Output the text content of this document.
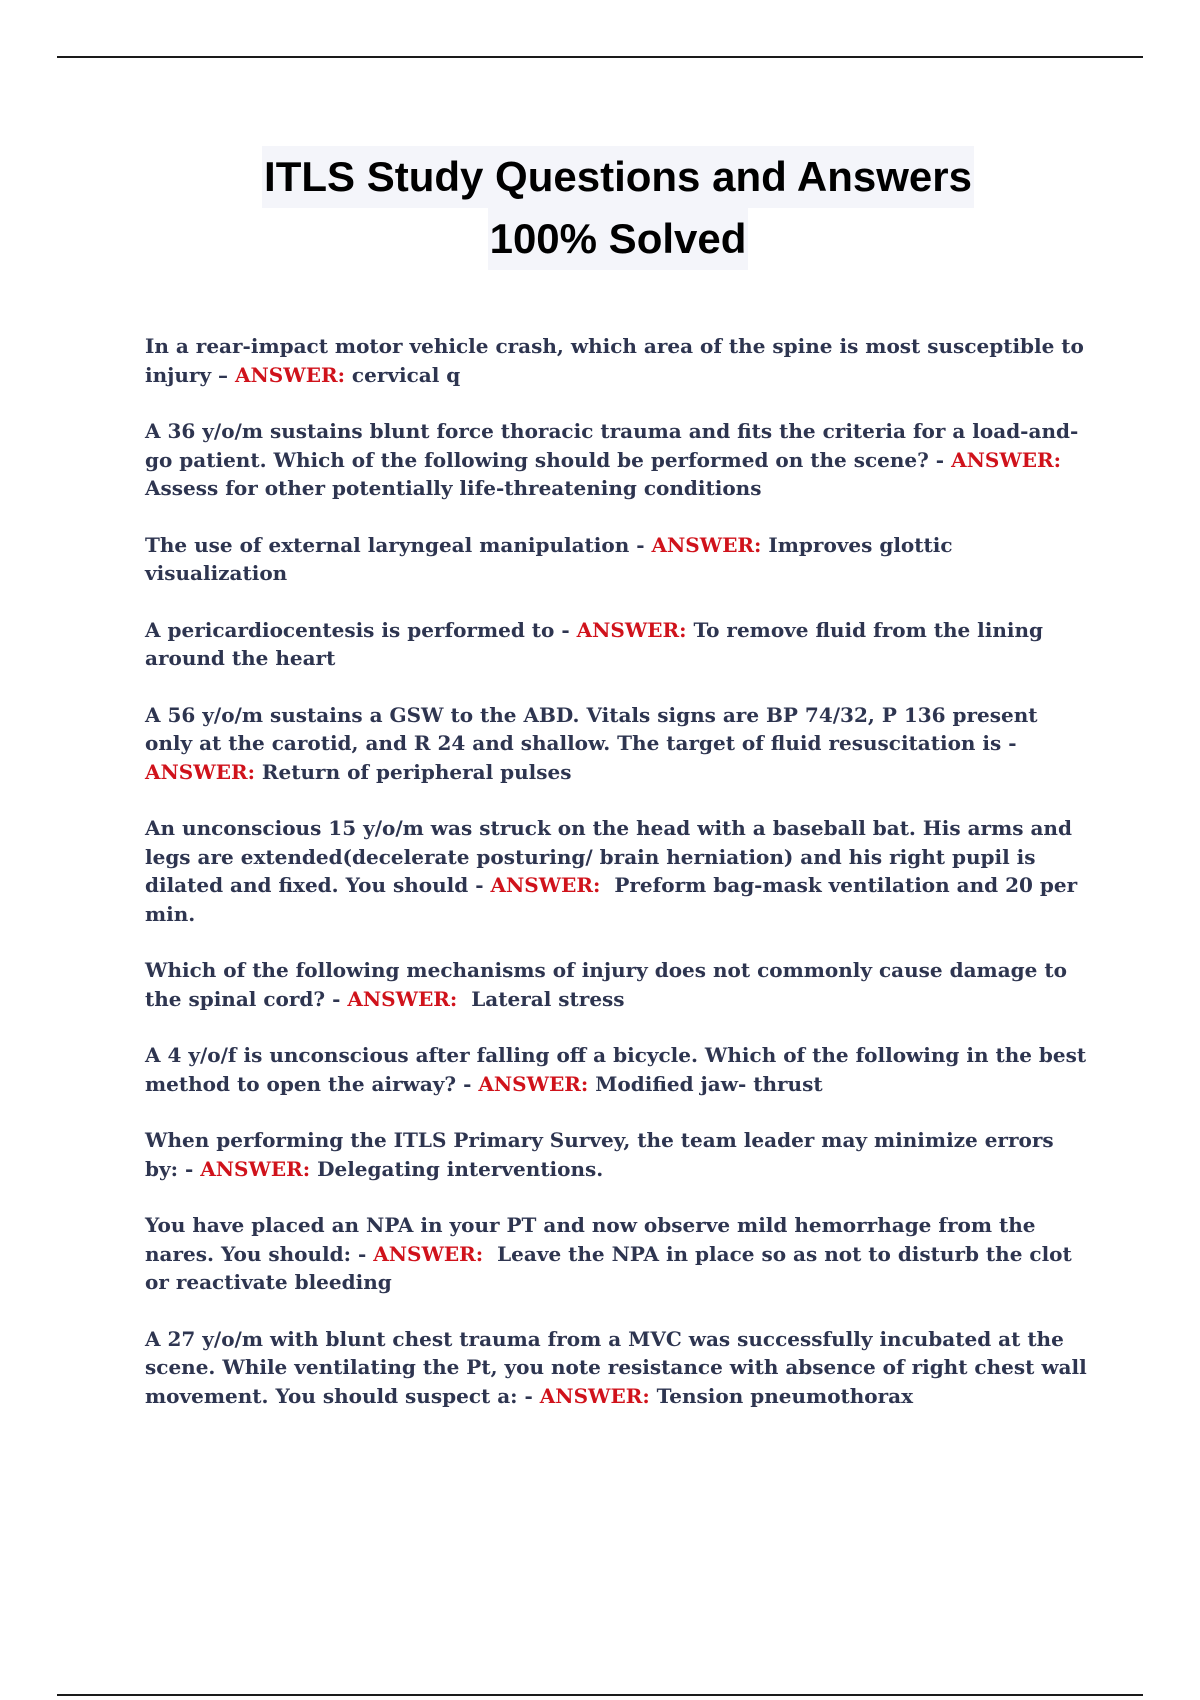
ITLS Study Questions and Answers
100% Solved

In a rear-impact motor vehicle crash, which area of the spine is most susceptible to injury – ANSWER: cervical q

A 36 y/o/m sustains blunt force thoracic trauma and fits the criteria for a load-and-go patient. Which of the following should be performed on the scene? - ANSWER: Assess for other potentially life-threatening conditions

The use of external laryngeal manipulation - ANSWER: Improves glottic visualization

A pericardiocentesis is performed to - ANSWER: To remove fluid from the lining around the heart

A 56 y/o/m sustains a GSW to the ABD. Vitals signs are BP 74/32, P 136 present only at the carotid, and R 24 and shallow. The target of fluid resuscitation is - ANSWER: Return of peripheral pulses

An unconscious 15 y/o/m was struck on the head with a baseball bat. His arms and legs are extended(decelerate posturing/ brain herniation) and his right pupil is dilated and fixed. You should - ANSWER:  Preform bag-mask ventilation and 20 per min.

Which of the following mechanisms of injury does not commonly cause damage to the spinal cord? - ANSWER:  Lateral stress

A 4 y/o/f is unconscious after falling off a bicycle. Which of the following in the best method to open the airway? - ANSWER: Modified jaw- thrust

When performing the ITLS Primary Survey, the team leader may minimize errors by: - ANSWER: Delegating interventions.

You have placed an NPA in your PT and now observe mild hemorrhage from the nares. You should: - ANSWER:  Leave the NPA in place so as not to disturb the clot or reactivate bleeding

A 27 y/o/m with blunt chest trauma from a MVC was successfully incubated at the scene. While ventilating the Pt, you note resistance with absence of right chest wall movement. You should suspect a: - ANSWER: Tension pneumothorax
